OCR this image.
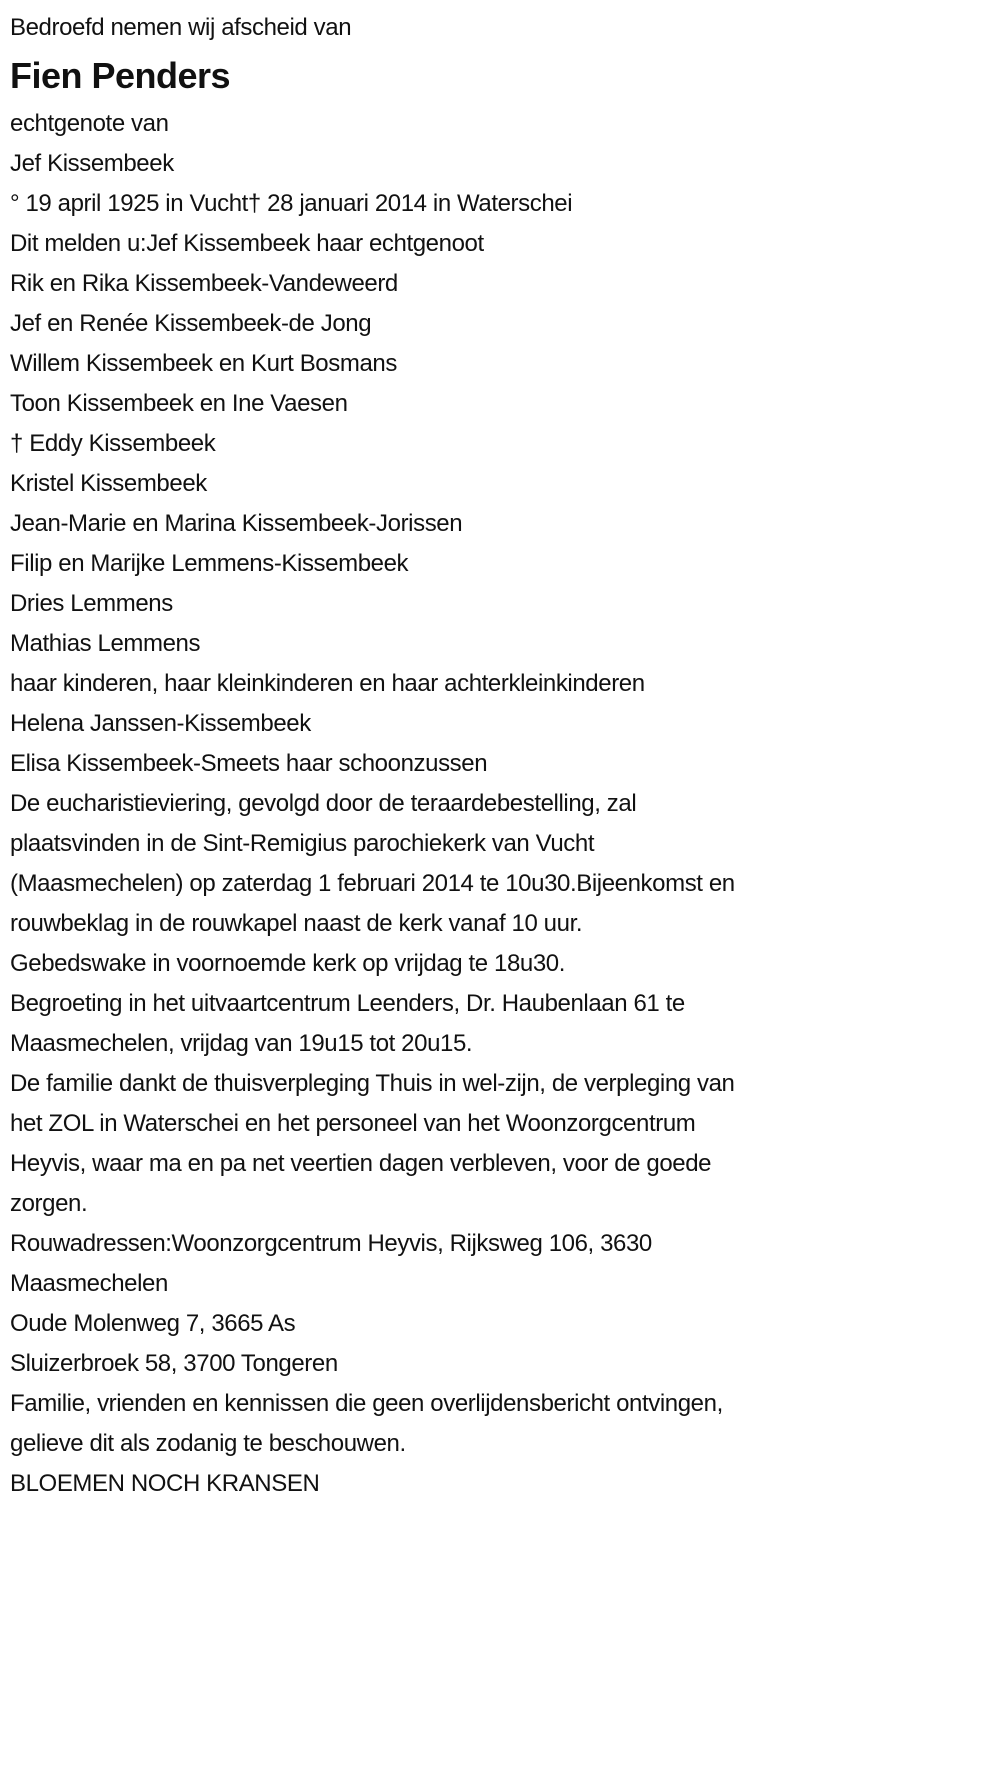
Bedroefd nemen wij afscheid van

Fien Penders
echtgenote van
Jef Kissembeek

° 19 april 1925 in Vucht† 28 januari 2014 in Waterschei

Dit melden u:Jef Kissembeek haar echtgenoot
Rik en Rika Kissembeek-Vandeweerd
Jef en Renée Kissembeek-de Jong
Willem Kissembeek en Kurt Bosmans
Toon Kissembeek en Ine Vaesen
† Eddy Kissembeek
Kristel Kissembeek
Jean-Marie en Marina Kissembeek-Jorissen
Filip en Marijke Lemmens-Kissembeek
Dries Lemmens
Mathias Lemmens
haar kinderen, haar kleinkinderen en haar achterkleinkinderen
Helena Janssen-Kissembeek
Elisa Kissembeek-Smeets haar schoonzussen
De eucharistieviering, gevolgd door de teraardebestelling, zal
plaatsvinden in de Sint-Remigius parochiekerk van Vucht
(Maasmechelen) op zaterdag 1 februari 2014 te 10u30.Bijeenkomst en
rouwbeklag in de rouwkapel naast de kerk vanaf 10 uur.
Gebedswake in voornoemde kerk op vrijdag te 18u30.
Begroeting in het uitvaartcentrum Leenders, Dr. Haubenlaan 61 te
Maasmechelen, vrijdag van 19u15 tot 20u15.
De familie dankt de thuisverpleging Thuis in wel-zijn, de verpleging van
het ZOL in Waterschei en het personeel van het Woonzorgcentrum
Heyvis, waar ma en pa net veertien dagen verbleven, voor de goede
zorgen.
Rouwadressen:Woonzorgcentrum Heyvis, Rijksweg 106, 3630
Maasmechelen
Oude Molenweg 7, 3665 As
Sluizerbroek 58, 3700 Tongeren
Familie, vrienden en kennissen die geen overlijdensbericht ontvingen,
gelieve dit als zodanig te beschouwen.

BLOEMEN NOCH KRANSEN
